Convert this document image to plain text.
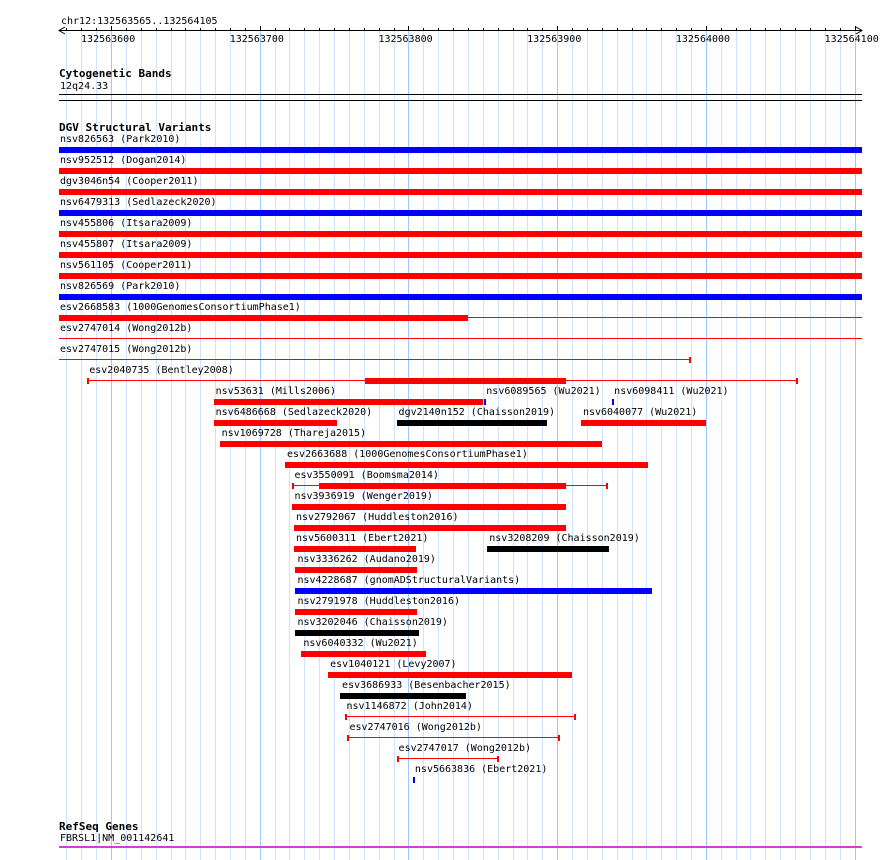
chr12:132563565..132564105
Cytogenetic Bands
12q24.33
DGV Structural Variants
nsv826563 (Park2010)
nsv952512 (Dogan2014)
dgv3046n54 (Cooper2011)
nsv6479313 (Sedlazeck2020)
nsv455806 (Itsara2009)
nsv455807 (Itsara2009)
nsv561105 (Cooper2011)
nsv826569 (Park2010)
esv2668583 (1000GenomesConsortiumPhase1)
esv2747014 (Wong2012b)
esv2747015 (Wong2012b)
esv2040735 (Bentley2008)
nsv53631 (Mills2006)	nsv6089565 (Wu2021) nsv6098411 (Wu2021)
nsv6486668 (Sedlazeck2020)	dgv2140n152 (Chaisson2019)	nsv6040077 (Wu2021)
nsv1069728 (Thareja2015)
esv2663688 (1000GenomesConsortiumPhase1)
esv3550091 (Boomsma2014)
nsv3936919 (Wenger2019)
nsv2792067 (Huddleston2016)
nsv5600311 (Ebert2021)	nsv3208209 (Chaisson2019)
nsv3336262 (Audano2019)
nsv4228687 (gnomADStructuralVariants)
nsv2791978 (Huddleston2016)
nsv3202046 (Chaisson2019)
nsv6040332 (Wu2021)
esv1040121 (Levy2007)
esv3686933 (Besenbacher2015)
nsv1146872 (John2014)
esv2747016 (Wong2012b)
esv2747017 (Wong2012b)
nsv5663836 (Ebert2021)
RefSeq Genes
FBRSL1|NM_001142641
132563600	132563700	132563800	132563900	132564000	132564100
